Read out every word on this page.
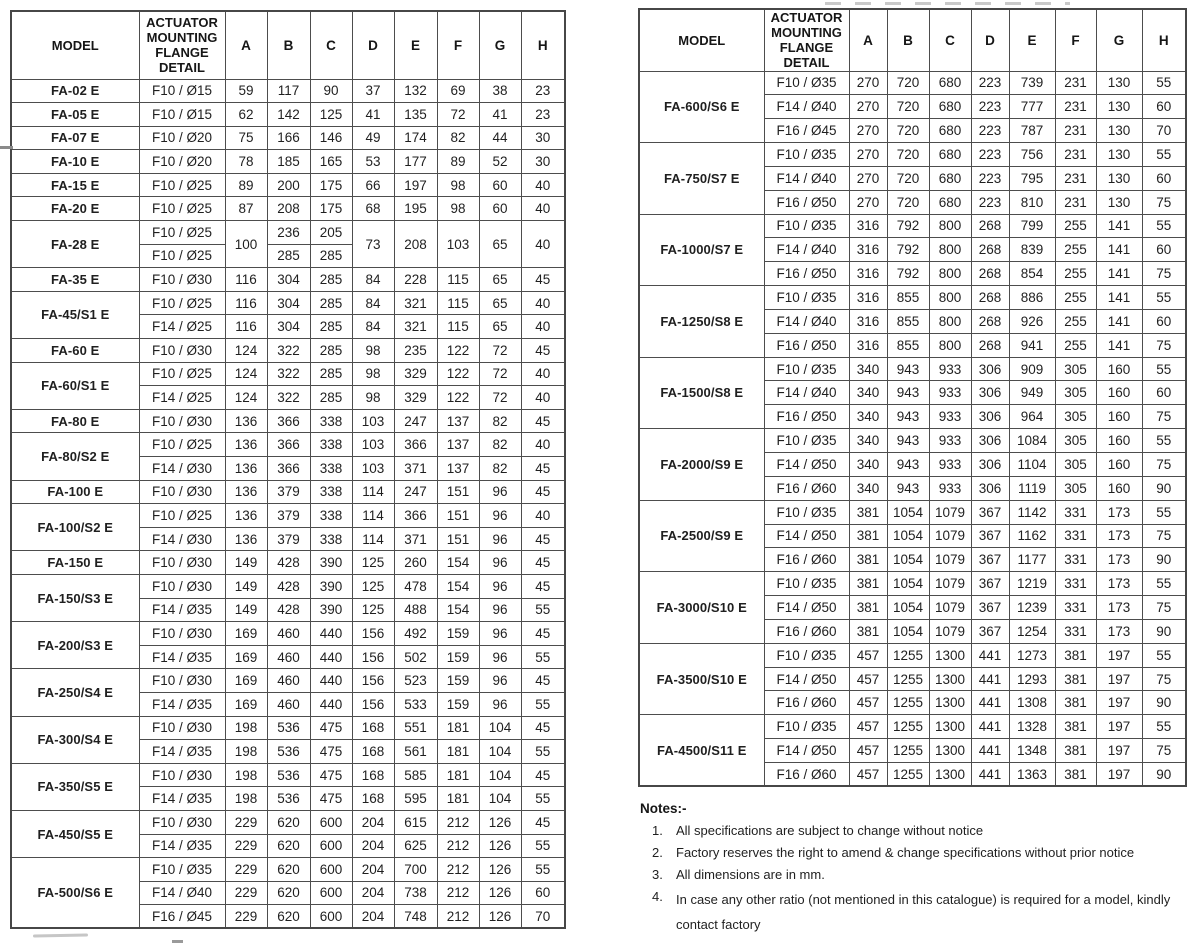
MODEL	ACTUATOR MOUNTING FLANGE DETAIL	A	B	C	D	E	F	G	H
FA-02 E	F10 / Ø15	59	117	90	37	132	69	38	23
FA-05 E	F10 / Ø15	62	142	125	41	135	72	41	23
FA-07 E	F10 / Ø20	75	166	146	49	174	82	44	30
FA-10 E	F10 / Ø20	78	185	165	53	177	89	52	30
FA-15 E	F10 / Ø25	89	200	175	66	197	98	60	40
FA-20 E	F10 / Ø25	87	208	175	68	195	98	60	40
FA-28 E	F10 / Ø25	100	236	205	73	208	103	65	40
	F10 / Ø25		285	285					
FA-35 E	F10 / Ø30	116	304	285	84	228	115	65	45
FA-45/S1 E	F10 / Ø25	116	304	285	84	321	115	65	40
	F14 / Ø25	116	304	285	84	321	115	65	40
FA-60 E	F10 / Ø30	124	322	285	98	235	122	72	45
FA-60/S1 E	F10 / Ø25	124	322	285	98	329	122	72	40
	F14 / Ø25	124	322	285	98	329	122	72	40
FA-80 E	F10 / Ø30	136	366	338	103	247	137	82	45
FA-80/S2 E	F10 / Ø25	136	366	338	103	366	137	82	40
	F14 / Ø30	136	366	338	103	371	137	82	45
FA-100 E	F10 / Ø30	136	379	338	114	247	151	96	45
FA-100/S2 E	F10 / Ø25	136	379	338	114	366	151	96	40
	F14 / Ø30	136	379	338	114	371	151	96	45
FA-150 E	F10 / Ø30	149	428	390	125	260	154	96	45
FA-150/S3 E	F10 / Ø30	149	428	390	125	478	154	96	45
	F14 / Ø35	149	428	390	125	488	154	96	55
FA-200/S3 E	F10 / Ø30	169	460	440	156	492	159	96	45
	F14 / Ø35	169	460	440	156	502	159	96	55
FA-250/S4 E	F10 / Ø30	169	460	440	156	523	159	96	45
	F14 / Ø35	169	460	440	156	533	159	96	55
FA-300/S4 E	F10 / Ø30	198	536	475	168	551	181	104	45
	F14 / Ø35	198	536	475	168	561	181	104	55
FA-350/S5 E	F10 / Ø30	198	536	475	168	585	181	104	45
	F14 / Ø35	198	536	475	168	595	181	104	55
FA-450/S5 E	F10 / Ø30	229	620	600	204	615	212	126	45
	F14 / Ø35	229	620	600	204	625	212	126	55
FA-500/S6 E	F10 / Ø35	229	620	600	204	700	212	126	55
	F14 / Ø40	229	620	600	204	738	212	126	60
	F16 / Ø45	229	620	600	204	748	212	126	70
MODEL	ACTUATOR MOUNTING FLANGE DETAIL	A	B	C	D	E	F	G	H
FA-600/S6 E	F10 / Ø35	270	720	680	223	739	231	130	55
	F14 / Ø40	270	720	680	223	777	231	130	60
	F16 / Ø45	270	720	680	223	787	231	130	70
FA-750/S7 E	F10 / Ø35	270	720	680	223	756	231	130	55
	F14 / Ø40	270	720	680	223	795	231	130	60
	F16 / Ø50	270	720	680	223	810	231	130	75
FA-1000/S7 E	F10 / Ø35	316	792	800	268	799	255	141	55
	F14 / Ø40	316	792	800	268	839	255	141	60
	F16 / Ø50	316	792	800	268	854	255	141	75
FA-1250/S8 E	F10 / Ø35	316	855	800	268	886	255	141	55
	F14 / Ø40	316	855	800	268	926	255	141	60
	F16 / Ø50	316	855	800	268	941	255	141	75
FA-1500/S8 E	F10 / Ø35	340	943	933	306	909	305	160	55
	F14 / Ø40	340	943	933	306	949	305	160	60
	F16 / Ø50	340	943	933	306	964	305	160	75
FA-2000/S9 E	F10 / Ø35	340	943	933	306	1084	305	160	55
	F14 / Ø50	340	943	933	306	1104	305	160	75
	F16 / Ø60	340	943	933	306	1119	305	160	90
FA-2500/S9 E	F10 / Ø35	381	1054	1079	367	1142	331	173	55
	F14 / Ø50	381	1054	1079	367	1162	331	173	75
	F16 / Ø60	381	1054	1079	367	1177	331	173	90
FA-3000/S10 E	F10 / Ø35	381	1054	1079	367	1219	331	173	55
	F14 / Ø50	381	1054	1079	367	1239	331	173	75
	F16 / Ø60	381	1054	1079	367	1254	331	173	90
FA-3500/S10 E	F10 / Ø35	457	1255	1300	441	1273	381	197	55
	F14 / Ø50	457	1255	1300	441	1293	381	197	75
	F16 / Ø60	457	1255	1300	441	1308	381	197	90
FA-4500/S11 E	F10 / Ø35	457	1255	1300	441	1328	381	197	55
	F14 / Ø50	457	1255	1300	441	1348	381	197	75
	F16 / Ø60	457	1255	1300	441	1363	381	197	90
Notes:-
1.	All specifications are subject to change without notice
2.	Factory reserves the right to amend & change specifications without prior notice
3.	All dimensions are in mm.
4.	In case any other ratio (not mentioned in this catalogue) is required for a model, kindly contact factory
